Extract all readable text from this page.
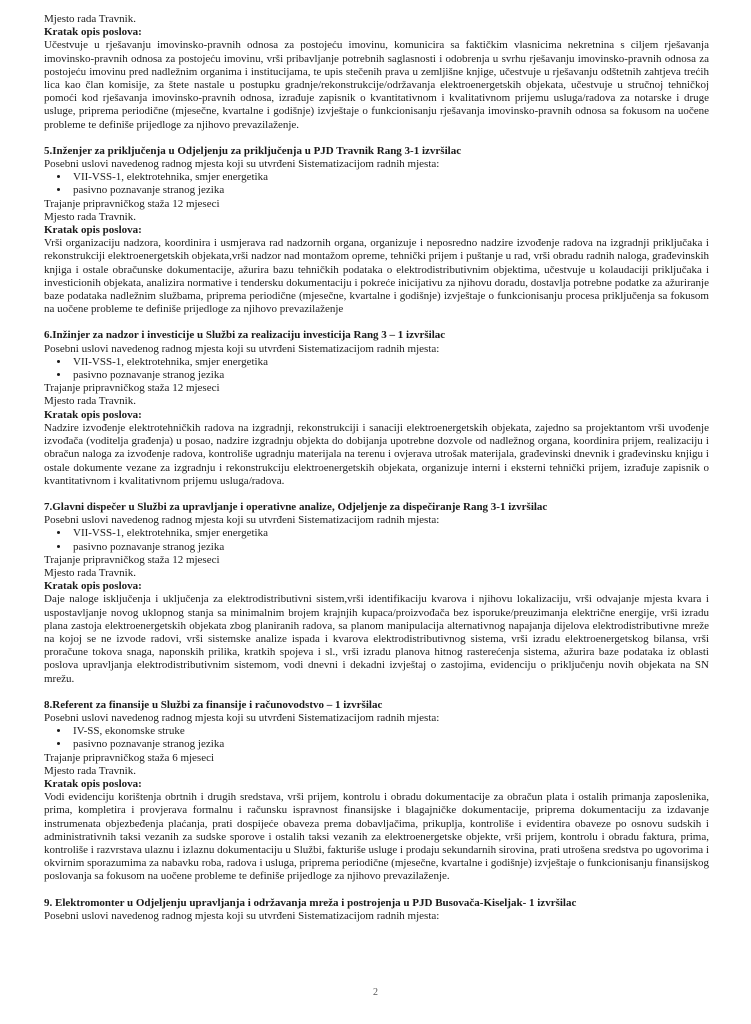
Mjesto rada Travnik.

Kratak opis poslova:

Učestvuje u rješavanju imovinsko-pravnih odnosa za postojeću imovinu, komunicira sa faktičkim vlasnicima nekretnina s ciljem rješavanja imovinsko-pravnih odnosa za postojeću imovinu, vrši pribavljanje potrebnih saglasnosti i odobrenja u svrhu rješavanju imovinsko-pravnih odnosa za postojeću imovinu pred nadležnim organima i institucijama, te upis stečenih prava u zemljišne knjige, učestvuje u rješavanju odštetnih zahtjeva trećih lica kao član komisije, za štete nastale u postupku gradnje/rekonstrukcije/održavanja elektroenergetskih objekata, učestvuje u stručnoj tehničkoj pomoći kod rješavanja imovinsko-pravnih odnosa, izrađuje zapisnik o kvantitativnom i kvalitativnom prijemu usluga/radova za notarske i druge usluge, priprema periodične (mjesečne, kvartalne i godišnje) izvještaje o funkcionisanju rješavanja imovinsko-pravnih odnosa sa fokusom na uočene probleme te definiše prijedloge za njihovo prevazilaženje.

5.Inženjer za priključenja u Odjeljenju za priključenja u PJD Travnik Rang 3-1 izvršilac

Posebni uslovi navedenog radnog mjesta koji su utvrđeni Sistematizacijom radnih mjesta:

• VII-VSS-1, elektrotehnika, smjer energetika
• pasivno poznavanje stranog jezika

Trajanje pripravničkog staža 12 mjeseci

Mjesto rada Travnik.

Kratak opis poslova:

Vrši organizaciju nadzora, koordinira i usmjerava rad nadzornih organa, organizuje i neposredno nadzire izvođenje radova na izgradnji priključaka i rekonstrukciji elektroenergetskih objekata,vrši nadzor nad montažom opreme, tehnički prijem i puštanje u rad, vrši obradu radnih naloga, građevinskih knjiga i ostale obračunske dokumentacije, ažurira bazu tehničkih podataka o elektrodistributivnim objektima, učestvuje u kolaudaciji priključaka i investicionih objekata, analizira normative i tendersku dokumentaciju i pokreće inicijativu za njihovu doradu, dostavlja potrebne podatke za ažuriranje baze podataka nadležnim službama, priprema periodične (mjesečne, kvartalne i godišnje) izvještaje o funkcionisanju procesa priključenja sa fokusom na uočene probleme te definiše prijedloge za njihovo prevazilaženje

6.Inžinjer za nadzor i investicije u Službi za realizaciju investicija Rang 3 – 1 izvršilac

Posebni uslovi navedenog radnog mjesta koji su utvrđeni Sistematizacijom radnih mjesta:

• VII-VSS-1, elektrotehnika, smjer energetika
• pasivno poznavanje stranog jezika

Trajanje pripravničkog staža 12 mjeseci

Mjesto rada Travnik.

Kratak opis poslova:

Nadzire izvođenje elektrotehničkih radova na izgradnji, rekonstrukciji i sanaciji elektroenergetskih objekata, zajedno sa projektantom vrši uvođenje izvođača (voditelja građenja) u posao, nadzire izgradnju objekta do dobijanja upotrebne dozvole od nadležnog organa, koordinira prijem, realizaciju i obračun naloga za izvođenje radova, kontroliše ugradnju materijala na terenu i ovjerava utrošak materijala, građevinski dnevnik i građevinsku knjigu i ostale dokumente vezane za izgradnju i rekonstrukciju elektroenergetskih objekata, organizuje interni i eksterni tehnički prijem, izrađuje zapisnik o kvantitativnom i kvalitativnom prijemu usluga/radova.

7.Glavni dispečer u Službi za upravljanje i operativne analize, Odjeljenje za dispečiranje Rang 3-1 izvršilac

Posebni uslovi navedenog radnog mjesta koji su utvrđeni Sistematizacijom radnih mjesta:

• VII-VSS-1, elektrotehnika, smjer energetika
• pasivno poznavanje stranog jezika

Trajanje pripravničkog staža 12 mjeseci

Mjesto rada Travnik.

Kratak opis poslova:

Daje naloge isključenja i uključenja za elektrodistributivni sistem,vrši identifikaciju kvarova i njihovu lokalizaciju, vrši odvajanje mjesta kvara i uspostavljanje novog uklopnog stanja sa minimalnim brojem krajnjih kupaca/proizvođača bez isporuke/preuzimanja električne energije, vrši izradu plana zastoja elektroenergetskih objekata zbog planiranih radova, sa planom manipulacija alternativnog napajanja dijelova elektrodistributivne mreže na kojoj se ne izvode radovi, vrši sistemske analize ispada i kvarova elektrodistributivnog sistema, vrši izradu elektroenergetskog bilansa, vrši proračune tokova snaga, naponskih prilika, kratkih spojeva i sl., vrši izradu planova hitnog rasterećenja sistema, ažurira baze podataka iz oblasti poslova upravljanja elektrodistributivnim sistemom, vodi dnevni i dekadni izvještaj o zastojima, evidenciju o priključenju novih objekata na SN mrežu.

8.Referent za finansije u Službi za finansije i računovodstvo – 1 izvršilac

Posebni uslovi navedenog radnog mjesta koji su utvrđeni Sistematizacijom radnih mjesta:

• IV-SS, ekonomske struke
• pasivno poznavanje stranog jezika

Trajanje pripravničkog staža 6 mjeseci

Mjesto rada Travnik.

Kratak opis poslova:

Vodi evidenciju korištenja obrtnih i drugih sredstava, vrši prijem, kontrolu i obradu dokumentacije za obračun plata i ostalih primanja zaposlenika, prima, kompletira i provjerava formalnu i računsku ispravnost finansijske i blagajničke dokumentacije, priprema dokumentaciju za izdavanje instrumenata objezbeđenja plaćanja, prati dospijeće obaveza prema dobavljačima, prikuplja, kontroliše i evidentira obaveze po osnovu sudskih i administrativnih taksi vezanih za sudske sporove i ostalih taksi vezanih za elektroenergetske objekte, vrši prijem, kontrolu i obradu faktura, prima, kontroliše i razvrstava ulaznu i izlaznu dokumentaciju u Službi, fakturiše usluge i prodaju sekundarnih sirovina, prati utrošena sredstva po ugovorima i okvirnim sporazumima za nabavku roba, radova i usluga, priprema periodične (mjesečne, kvartalne i godišnje) izvještaje o funkcionisanju finansijskog poslovanja sa fokusom na uočene probleme te definiše prijedloge za njihovo prevazilaženje.

9. Elektromonter u Odjeljenju upravljanja i održavanja mreža i postrojenja u PJD Busovača-Kiseljak- 1 izvršilac

Posebni uslovi navedenog radnog mjesta koji su utvrđeni Sistematizacijom radnih mjesta:

2
